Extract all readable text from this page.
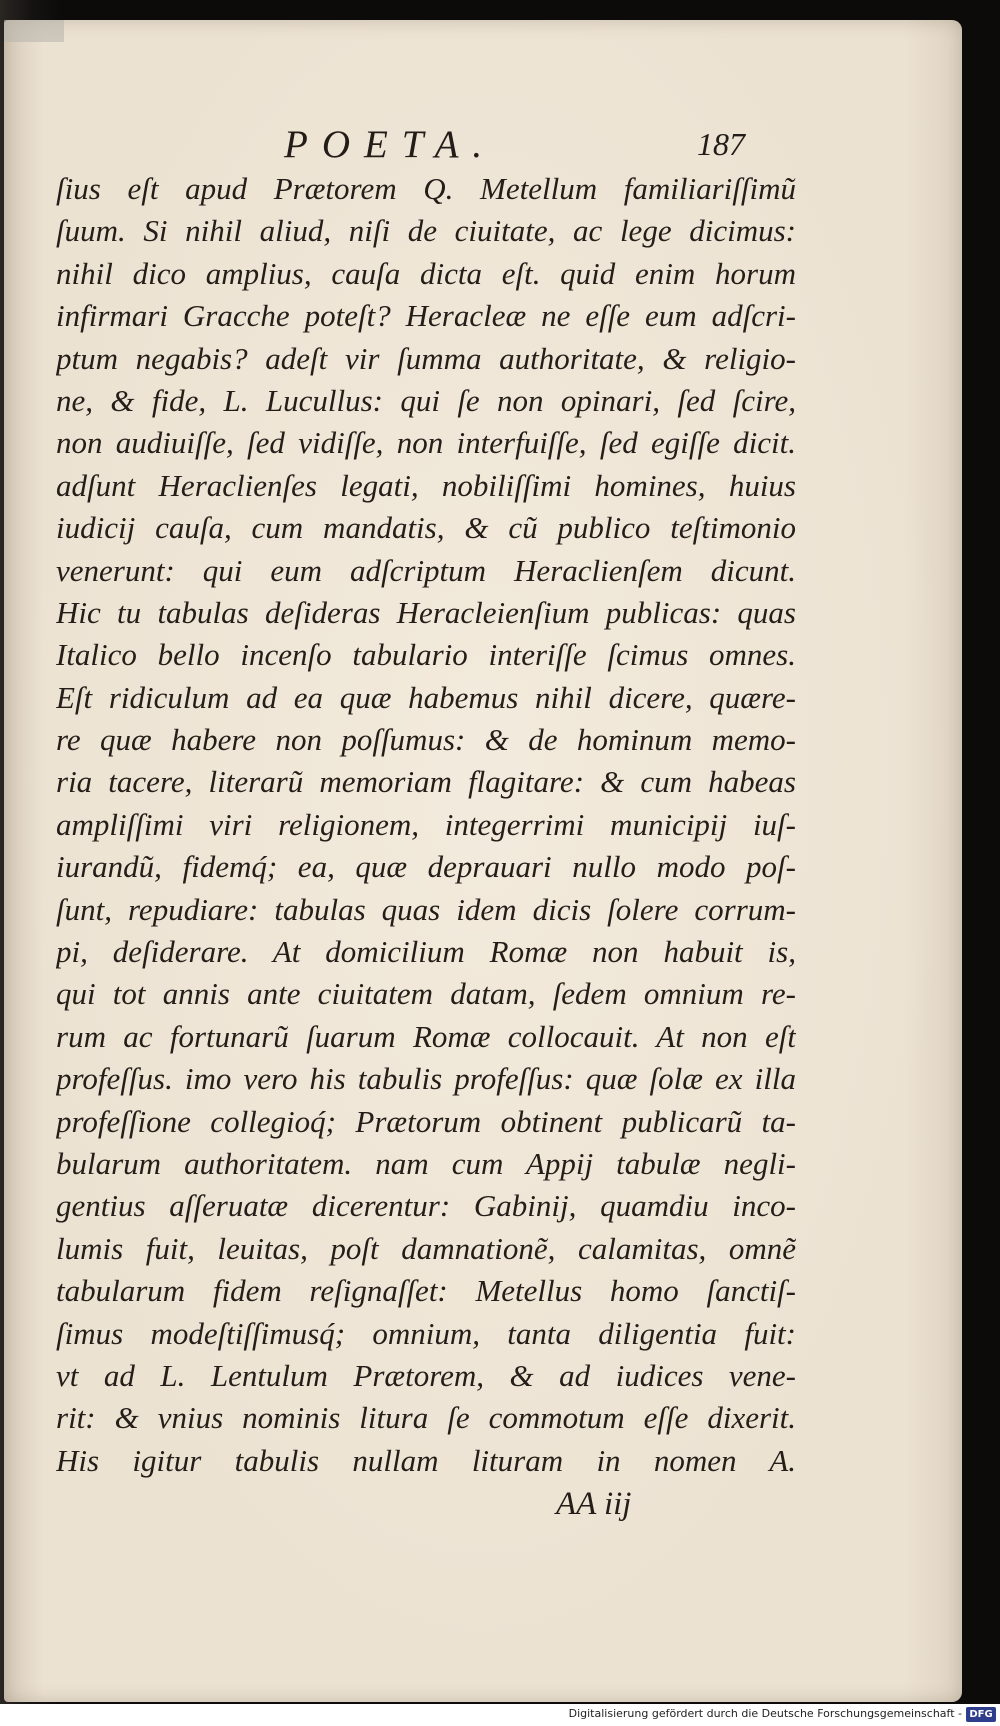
POETA.	187
ſius eſt apud Prætorem Q. Metellum familiariſſimũ
ſuum. Si nihil aliud, niſi de ciuitate, ac lege dicimus:
nihil dico amplius, cauſa dicta eſt. quid enim horum
infirmari Gracche poteſt? Heracleæ ne eſſe eum adſcri-
ptum negabis? adeſt vir ſumma authoritate, & religio-
ne, & fide, L. Lucullus: qui ſe non opinari, ſed ſcire,
non audiuiſſe, ſed vidiſſe, non interfuiſſe, ſed egiſſe dicit.
adſunt Heraclienſes legati, nobiliſſimi homines, huius
iudicij cauſa, cum mandatis, & cũ publico teſtimonio
venerunt: qui eum adſcriptum Heraclienſem dicunt.
Hic tu tabulas deſideras Heracleienſium publicas: quas
Italico bello incenſo tabulario interiſſe ſcimus omnes.
Eſt ridiculum ad ea quæ habemus nihil dicere, quære-
re quæ habere non poſſumus: & de hominum memo-
ria tacere, literarũ memoriam flagitare: & cum habeas
ampliſſimi viri religionem, integerrimi municipij iuſ-
iurandũ, fidemq́; ea, quæ deprauari nullo modo poſ-
ſunt, repudiare: tabulas quas idem dicis ſolere corrum-
pi, deſiderare. At domicilium Romæ non habuit is,
qui tot annis ante ciuitatem datam, ſedem omnium re-
rum ac fortunarũ ſuarum Romæ collocauit. At non eſt
profeſſus. imo vero his tabulis profeſſus: quæ ſolæ ex illa
profeſſione collegioq́; Prætorum obtinent publicarũ ta-
bularum authoritatem. nam cum Appij tabulæ negli-
gentius aſſeruatæ dicerentur: Gabinij, quamdiu inco-
lumis fuit, leuitas, poſt damnationẽ, calamitas, omnẽ
tabularum fidem reſignaſſet: Metellus homo ſanctiſ-
ſimus modeſtiſſimusq́; omnium, tanta diligentia fuit:
vt ad L. Lentulum Prætorem, & ad iudices vene-
rit: & vnius nominis litura ſe commotum eſſe dixerit.
His igitur tabulis nullam lituram in nomen A.
AA iij
Digitalisierung gefördert durch die Deutsche Forschungsgemeinschaft - DFG
